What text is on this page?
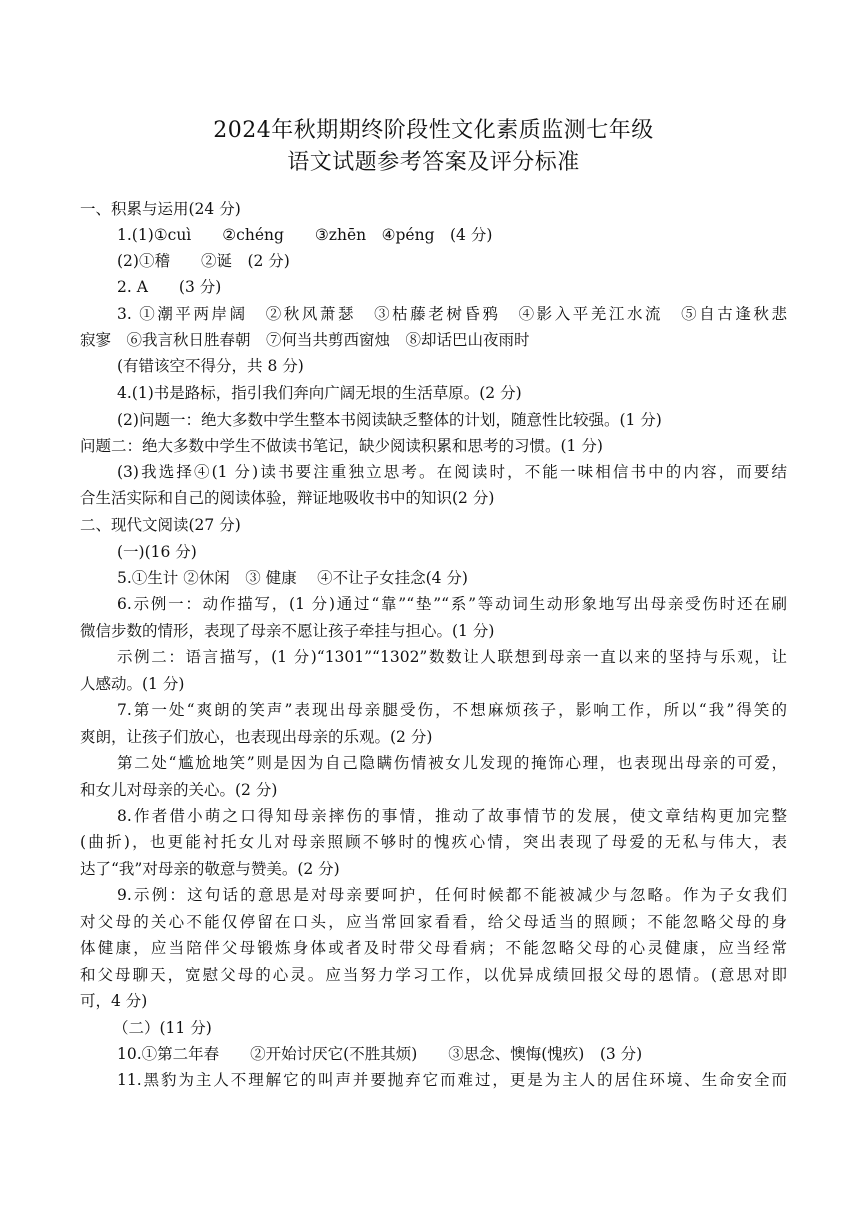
2024年秋期期终阶段性文化素质监测七年级
语文试题参考答案及评分标准
一、积累与运用(24 分)
1.(1)①cuì　　②chéng　　③zhēn　④péng　(4 分)
(2)①稽　　②诞　(2 分)
2. A　　(3 分)
3. ①潮平两岸阔　②秋风萧瑟　③枯藤老树昏鸦　④影入平羌江水流　⑤自古逢秋悲
寂寥　⑥我言秋日胜春朝　⑦何当共剪西窗烛　⑧却话巴山夜雨时
(有错该空不得分，共 8 分)
4.(1)书是路标，指引我们奔向广阔无垠的生活草原。(2 分)
(2)问题一：绝大多数中学生整本书阅读缺乏整体的计划，随意性比较强。(1 分)
问题二：绝大多数中学生不做读书笔记，缺少阅读积累和思考的习惯。(1 分)
(3)我选择④(1 分)读书要注重独立思考。在阅读时，不能一味相信书中的内容，而要结
合生活实际和自己的阅读体验，辩证地吸收书中的知识(2 分)
二、现代文阅读(27 分)
(一)(16 分)
5.①生计 ②休闲　③ 健康　 ④不让子女挂念(4 分)
6.示例一：动作描写，(1 分)通过“靠”“垫”“系”等动词生动形象地写出母亲受伤时还在刷
微信步数的情形，表现了母亲不愿让孩子牵挂与担心。(1 分)
示例二：语言描写，(1 分)“1301”“1302”数数让人联想到母亲一直以来的坚持与乐观，让
人感动。(1 分)
7.第一处“爽朗的笑声”表现出母亲腿受伤，不想麻烦孩子，影响工作，所以“我”得笑的
爽朗，让孩子们放心，也表现出母亲的乐观。(2 分)
第二处“尴尬地笑”则是因为自己隐瞒伤情被女儿发现的掩饰心理，也表现出母亲的可爱，
和女儿对母亲的关心。(2 分)
8.作者借小萌之口得知母亲摔伤的事情，推动了故事情节的发展，使文章结构更加完整
(曲折)，也更能衬托女儿对母亲照顾不够时的愧疚心情，突出表现了母爱的无私与伟大，表
达了“我”对母亲的敬意与赞美。(2 分)
9.示例：这句话的意思是对母亲要呵护，任何时候都不能被减少与忽略。作为子女我们
对父母的关心不能仅停留在口头，应当常回家看看，给父母适当的照顾；不能忽略父母的身
体健康，应当陪伴父母锻炼身体或者及时带父母看病；不能忽略父母的心灵健康，应当经常
和父母聊天，宽慰父母的心灵。应当努力学习工作，以优异成绩回报父母的恩情。(意思对即
可，4 分)
（二）(11 分)
10.①第二年春　　②开始讨厌它(不胜其烦)　　③思念、懊悔(愧疚)　(3 分)
11.黑豹为主人不理解它的叫声并要抛弃它而难过，更是为主人的居住环境、生命安全而
